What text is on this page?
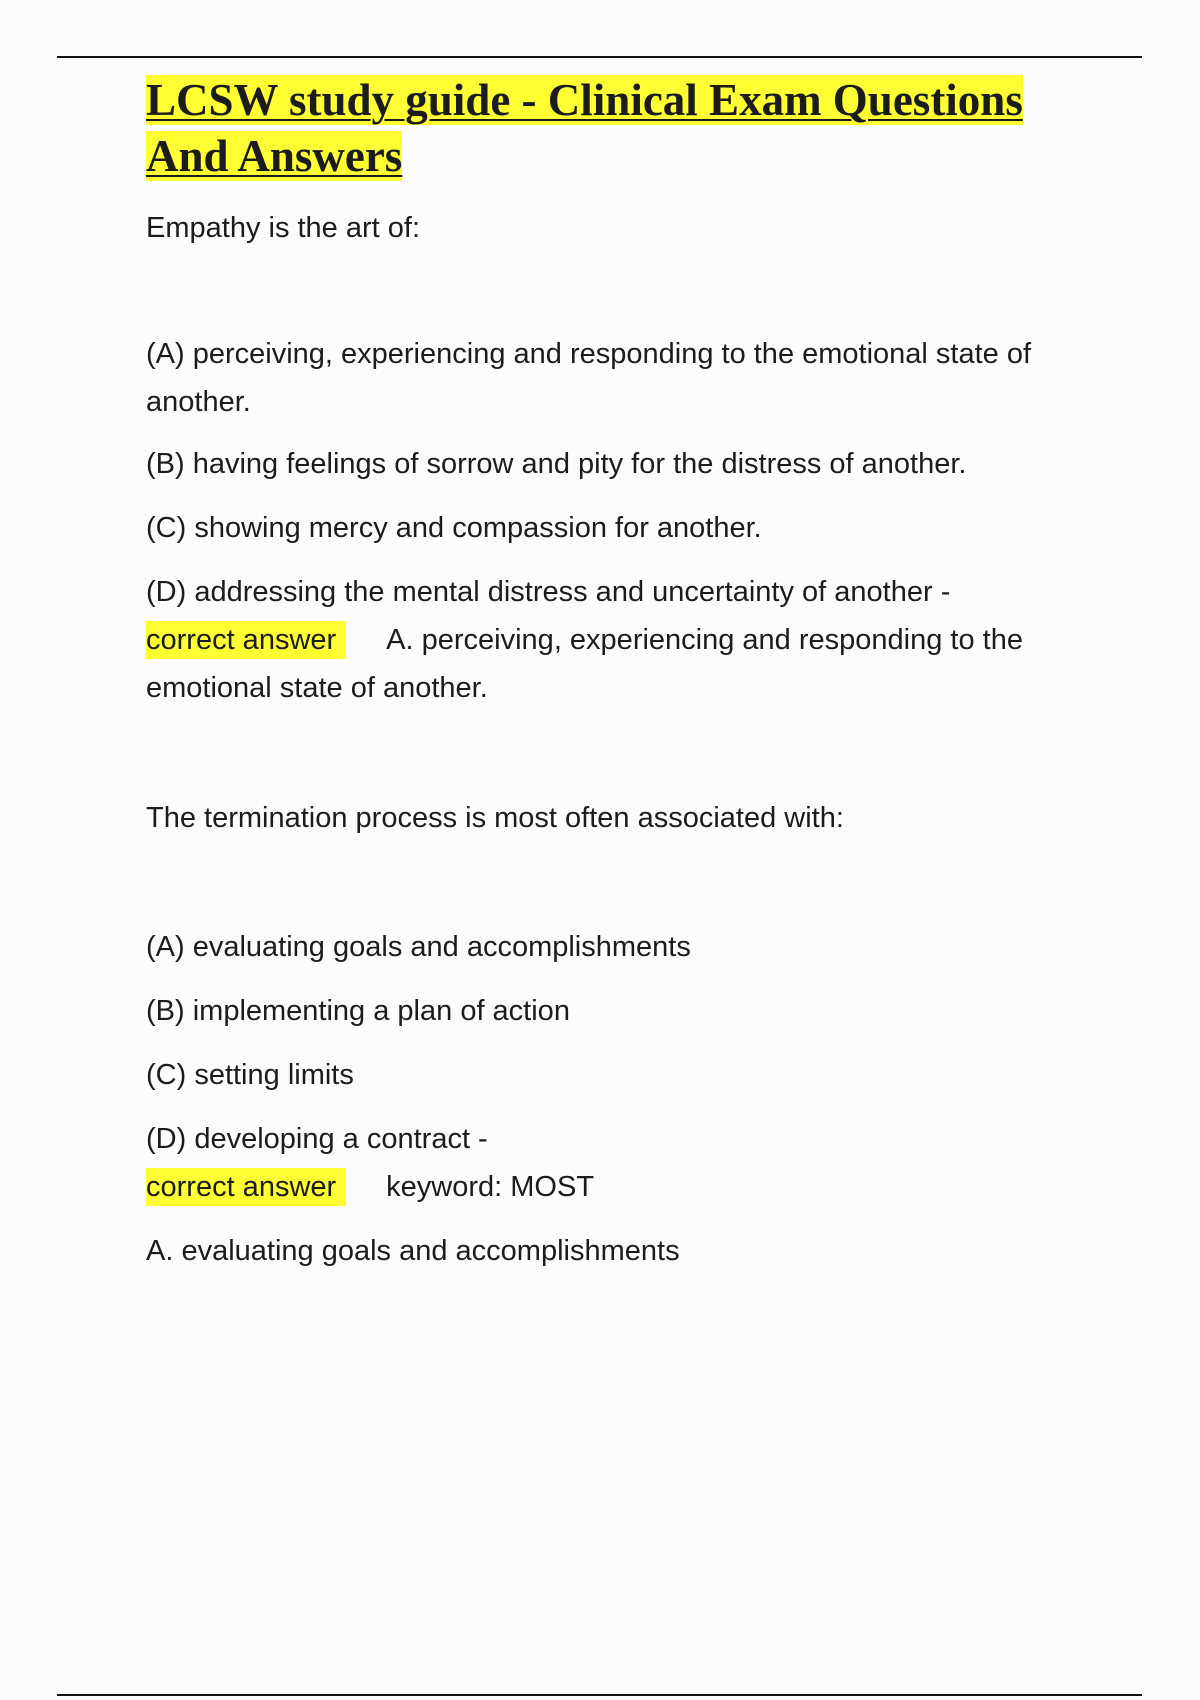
LCSW study guide - Clinical Exam Questions And Answers

Empathy is the art of:

(A) perceiving, experiencing and responding to the emotional state of another.

(B) having feelings of sorrow and pity for the distress of another.

(C) showing mercy and compassion for another.

(D) addressing the mental distress and uncertainty of another -

correct answer A. perceiving, experiencing and responding to the emotional state of another.

The termination process is most often associated with:

(A) evaluating goals and accomplishments

(B) implementing a plan of action

(C) setting limits

(D) developing a contract -

correct answer keyword: MOST

A. evaluating goals and accomplishments
